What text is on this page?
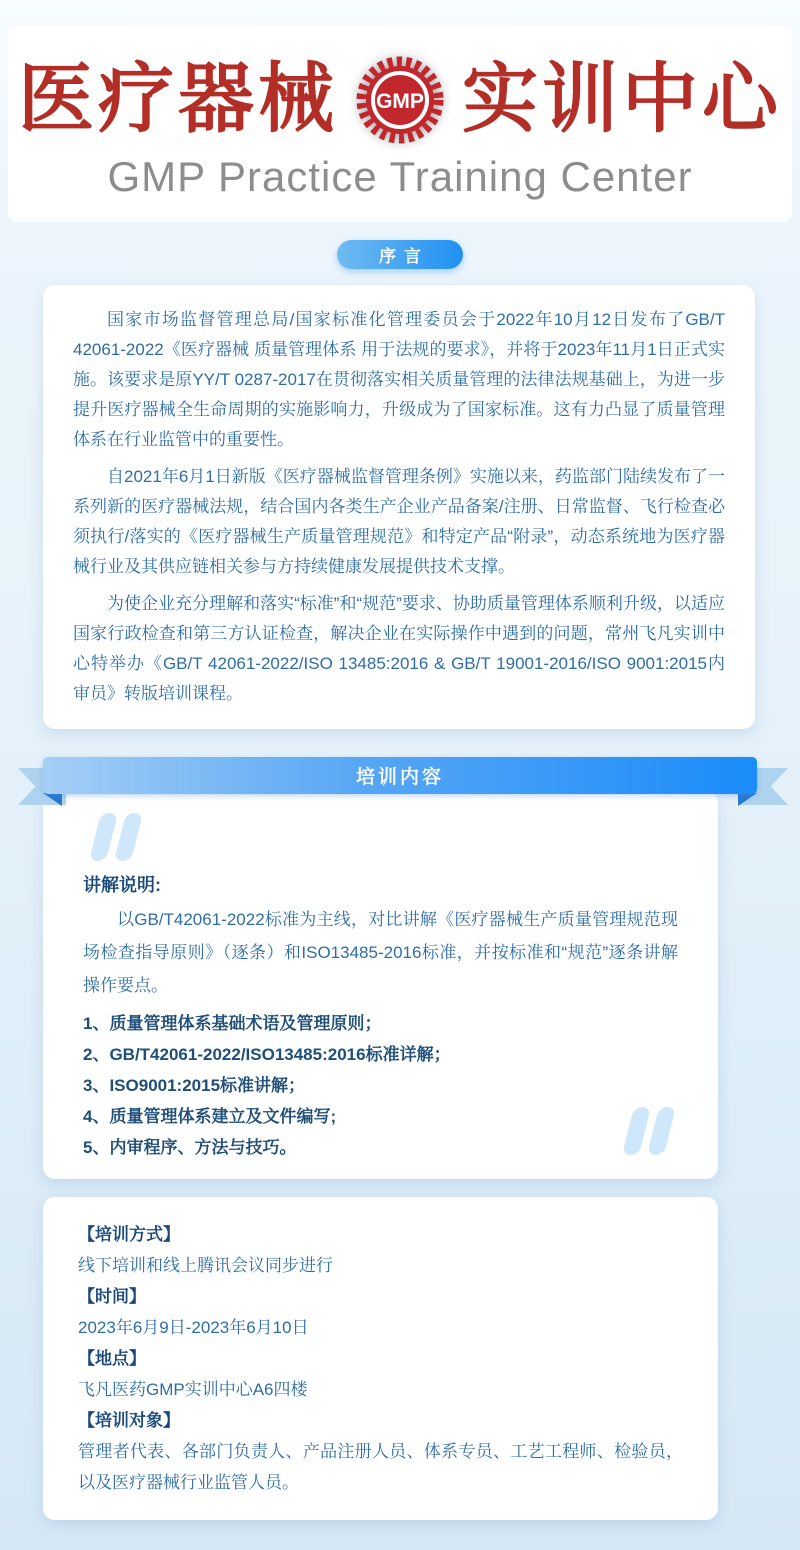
医疗器械 GMP 实训中心
GMP Practice Training Center
序言

国家市场监督管理总局/国家标准化管理委员会于2022年10月12日发布了GB/T 42061-2022《医疗器械 质量管理体系 用于法规的要求》，并将于2023年11月1日正式实施。该要求是原YY/T 0287-2017在贯彻落实相关质量管理的法律法规基础上，为进一步提升医疗器械全生命周期的实施影响力，升级成为了国家标准。这有力凸显了质量管理体系在行业监管中的重要性。

自2021年6月1日新版《医疗器械监督管理条例》实施以来，药监部门陆续发布了一系列新的医疗器械法规，结合国内各类生产企业产品备案/注册、日常监督、飞行检查必须执行/落实的《医疗器械生产质量管理规范》和特定产品“附录”，动态系统地为医疗器械行业及其供应链相关参与方持续健康发展提供技术支撑。

为使企业充分理解和落实“标准”和“规范”要求、协助质量管理体系顺利升级，以适应国家行政检查和第三方认证检查，解决企业在实际操作中遇到的问题，常州飞凡实训中心特举办《GB/T 42061-2022/ISO 13485:2016 & GB/T 19001-2016/ISO 9001:2015内审员》转版培训课程。

培训内容
讲解说明:

以GB/T42061-2022标准为主线，对比讲解《医疗器械生产质量管理规范现场检查指导原则》（逐条）和ISO13485-2016标准，并按标准和“规范”逐条讲解操作要点。

1、质量管理体系基础术语及管理原则；
2、GB/T42061-2022/ISO13485:2016标准详解；
3、ISO9001:2015标准讲解；
4、质量管理体系建立及文件编写;
5、内审程序、方法与技巧。
【培训方式】
线下培训和线上腾讯会议同步进行
【时间】
2023年6月9日-2023年6月10日
【地点】
飞凡医药GMP实训中心A6四楼
【培训对象】
管理者代表、各部门负责人、产品注册人员、体系专员、工艺工程师、检验员，以及医疗器械行业监管人员。
